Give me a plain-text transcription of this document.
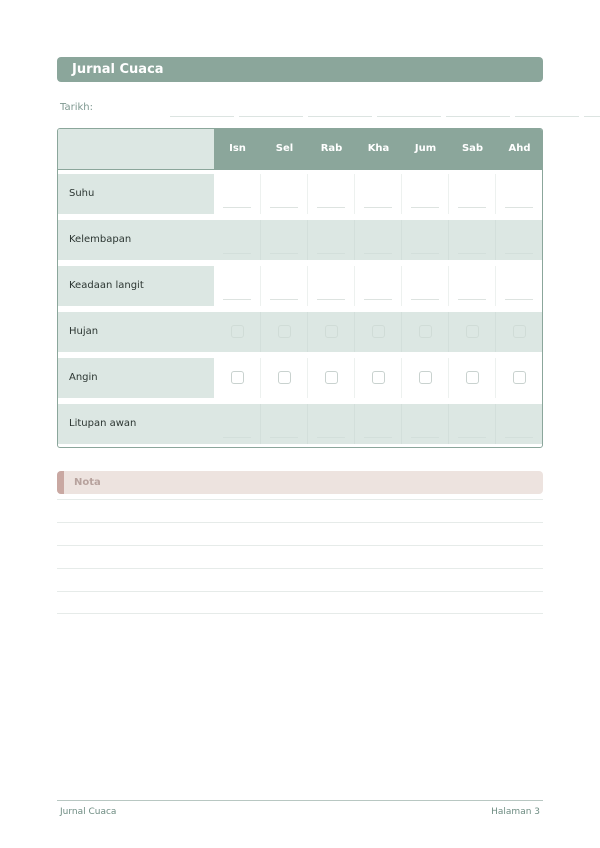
Jurnal Cuaca
Tarikh:
Isn	Sel	Rab	Kha	Jum	Sab	Ahd
Suhu
Kelembapan
Keadaan langit
Hujan
Angin
Litupan awan
Nota
Jurnal Cuaca	Halaman 3
